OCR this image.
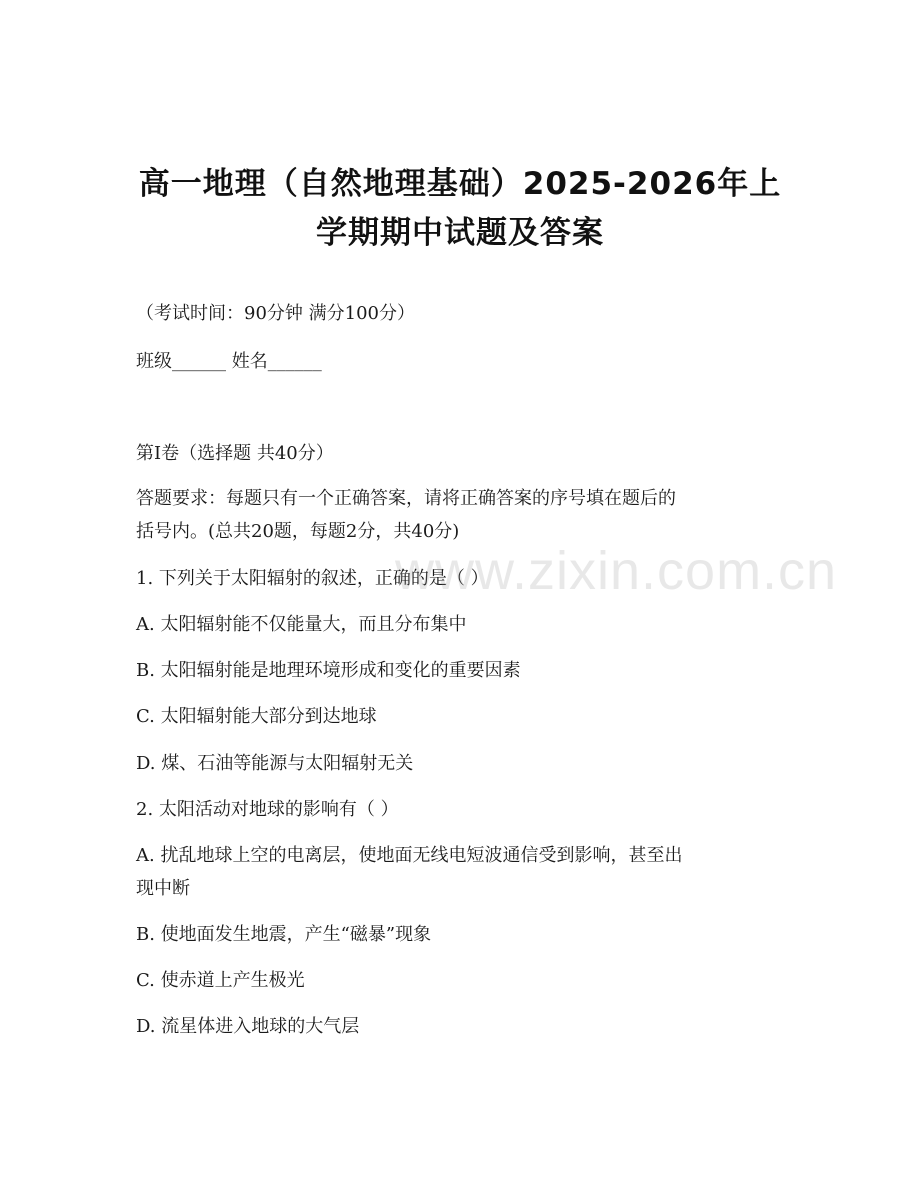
高一地理（自然地理基础）2025-2026年上
学期期中试题及答案
（考试时间：90分钟 满分100分）
班级______ 姓名______
第Ⅰ卷（选择题 共40分）
答题要求：每题只有一个正确答案，请将正确答案的序号填在题后的
括号内。(总共20题，每题2分，共40分)
1. 下列关于太阳辐射的叙述，正确的是（ ）
A. 太阳辐射能不仅能量大，而且分布集中
B. 太阳辐射能是地理环境形成和变化的重要因素
C. 太阳辐射能大部分到达地球
D. 煤、石油等能源与太阳辐射无关
2. 太阳活动对地球的影响有（ ）
A. 扰乱地球上空的电离层，使地面无线电短波通信受到影响，甚至出
现中断
B. 使地面发生地震，产生“磁暴”现象
C. 使赤道上产生极光
D. 流星体进入地球的大气层
www.zixin.com.cn
